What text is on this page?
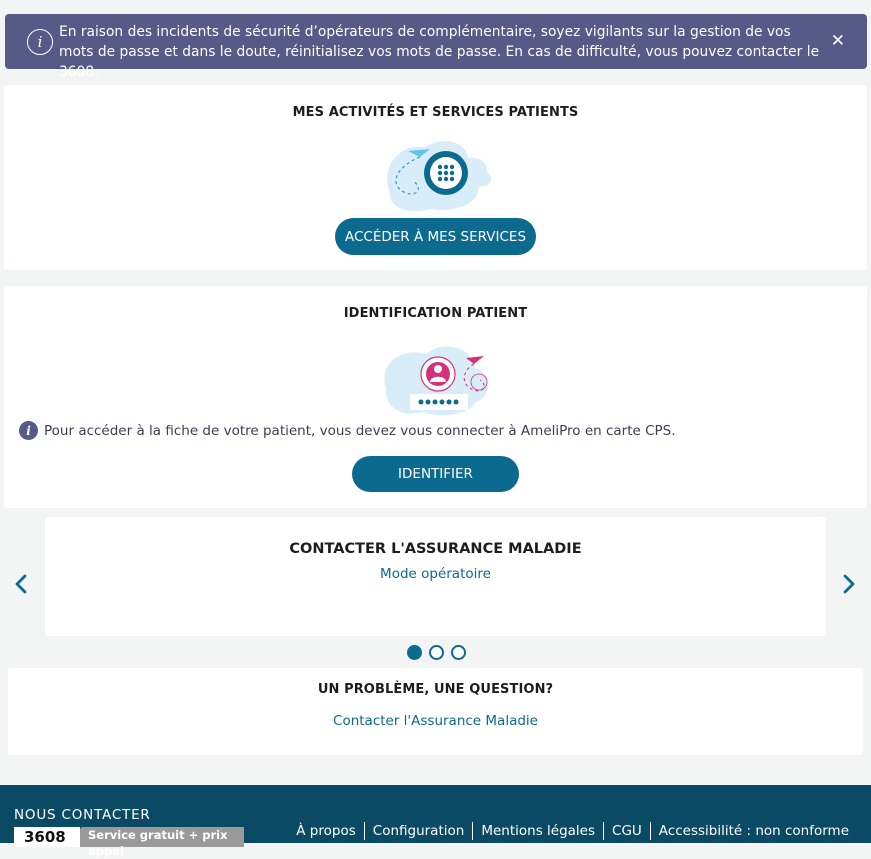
i
En raison des incidents de sécurité d’opérateurs de complémentaire, soyez vigilants sur la gestion de vos mots de passe et dans le doute, réinitialisez vos mots de passe. En cas de difficulté, vous pouvez contacter le 3608.
✕
MES ACTIVITÉS ET SERVICES PATIENTS
ACCÉDER À MES SERVICES
IDENTIFICATION PATIENT
i Pour accéder à la fiche de votre patient, vous devez vous connecter à AmeliPro en carte CPS.
IDENTIFIER
CONTACTER L'ASSURANCE MALADIE
Mode opératoire
UN PROBLÈME, UNE QUESTION?
Contacter l'Assurance Maladie
NOUS CONTACTER
3608	Service gratuit + prix appel
À propos	Configuration	Mentions légales	CGU	Accessibilité : non conforme
